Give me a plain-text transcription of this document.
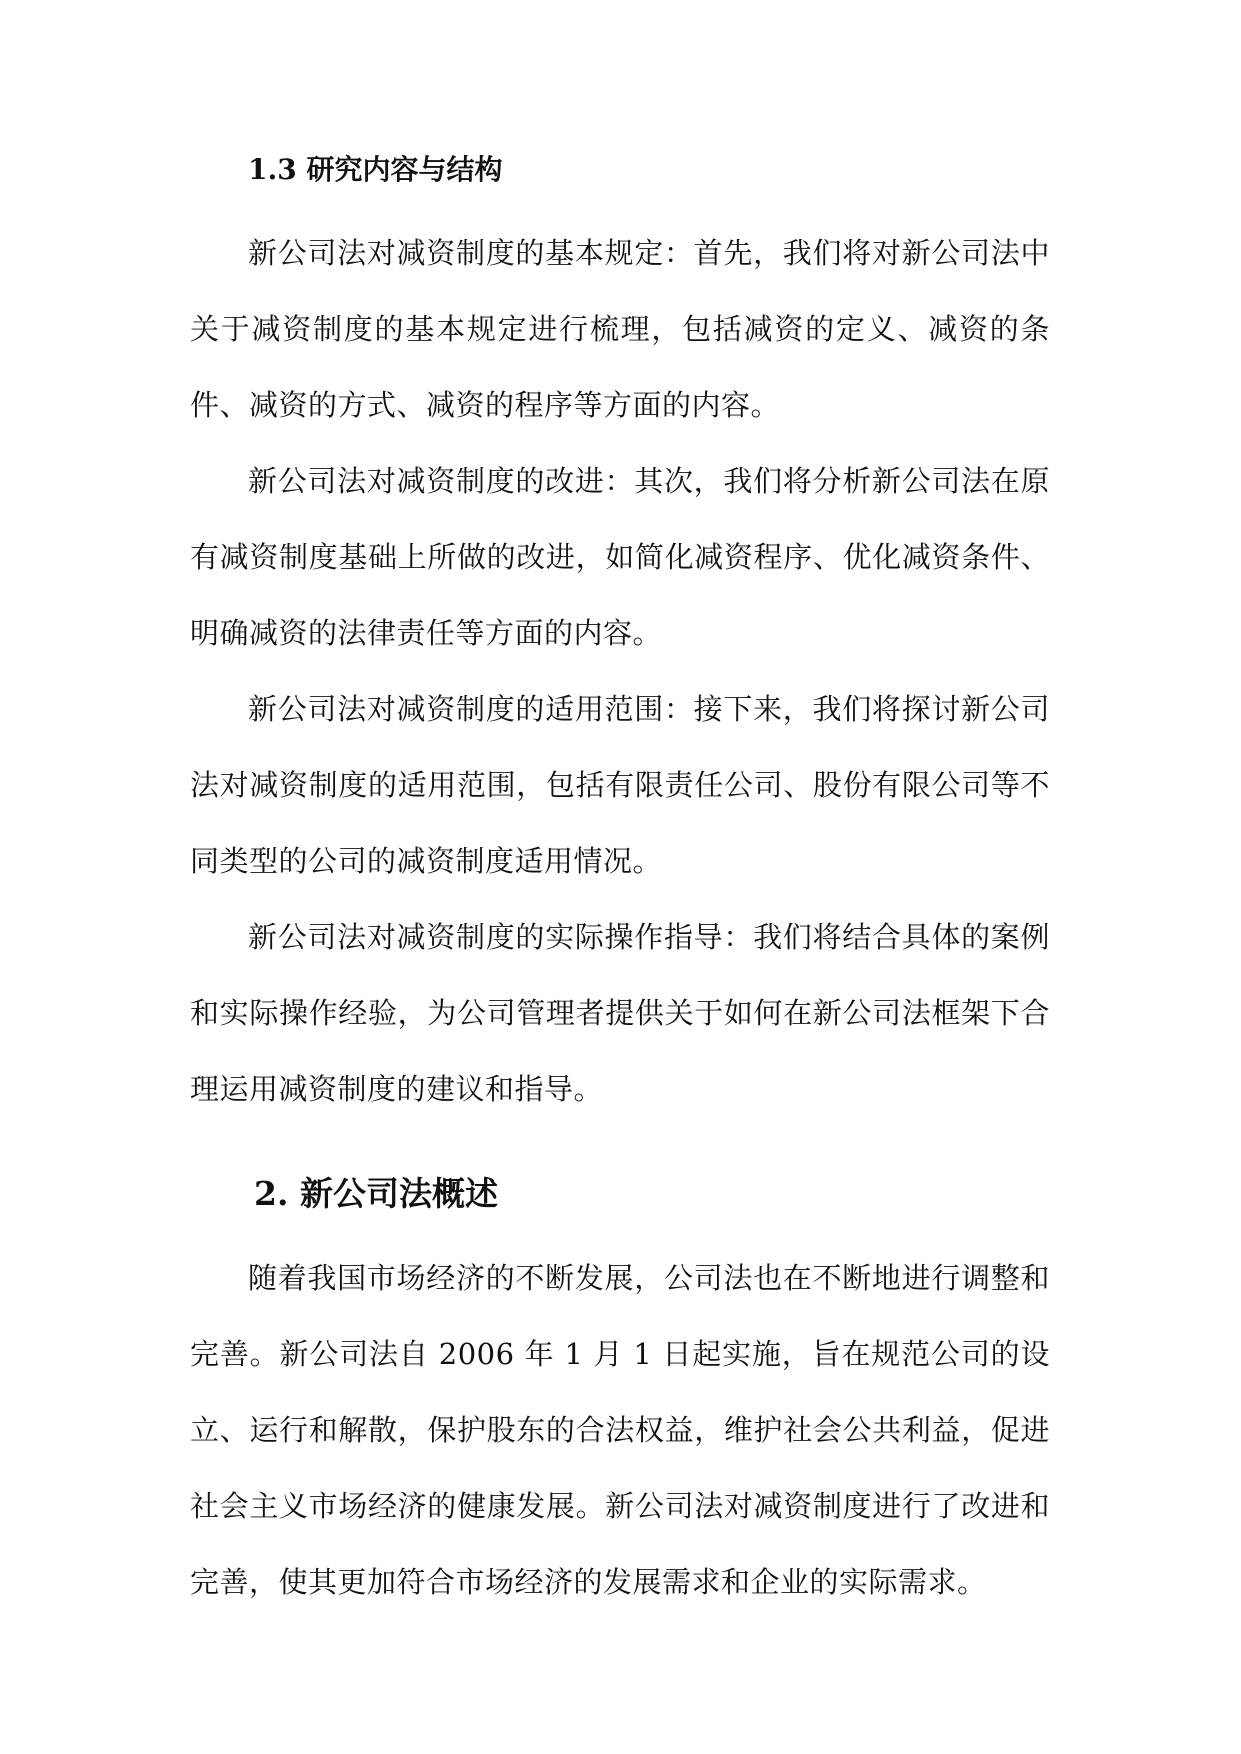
1.3 研究内容与结构

新公司法对减资制度的基本规定：首先，我们将对新公司法中关于减资制度的基本规定进行梳理，包括减资的定义、减资的条件、减资的方式、减资的程序等方面的内容。

新公司法对减资制度的改进：其次，我们将分析新公司法在原有减资制度基础上所做的改进，如简化减资程序、优化减资条件、明确减资的法律责任等方面的内容。

新公司法对减资制度的适用范围：接下来，我们将探讨新公司法对减资制度的适用范围，包括有限责任公司、股份有限公司等不同类型的公司的减资制度适用情况。

新公司法对减资制度的实际操作指导：我们将结合具体的案例和实际操作经验，为公司管理者提供关于如何在新公司法框架下合理运用减资制度的建议和指导。

2. 新公司法概述

随着我国市场经济的不断发展，公司法也在不断地进行调整和完善。新公司法自 2006 年 1 月 1 日起实施，旨在规范公司的设立、运行和解散，保护股东的合法权益，维护社会公共利益，促进社会主义市场经济的健康发展。新公司法对减资制度进行了改进和完善，使其更加符合市场经济的发展需求和企业的实际需求。
